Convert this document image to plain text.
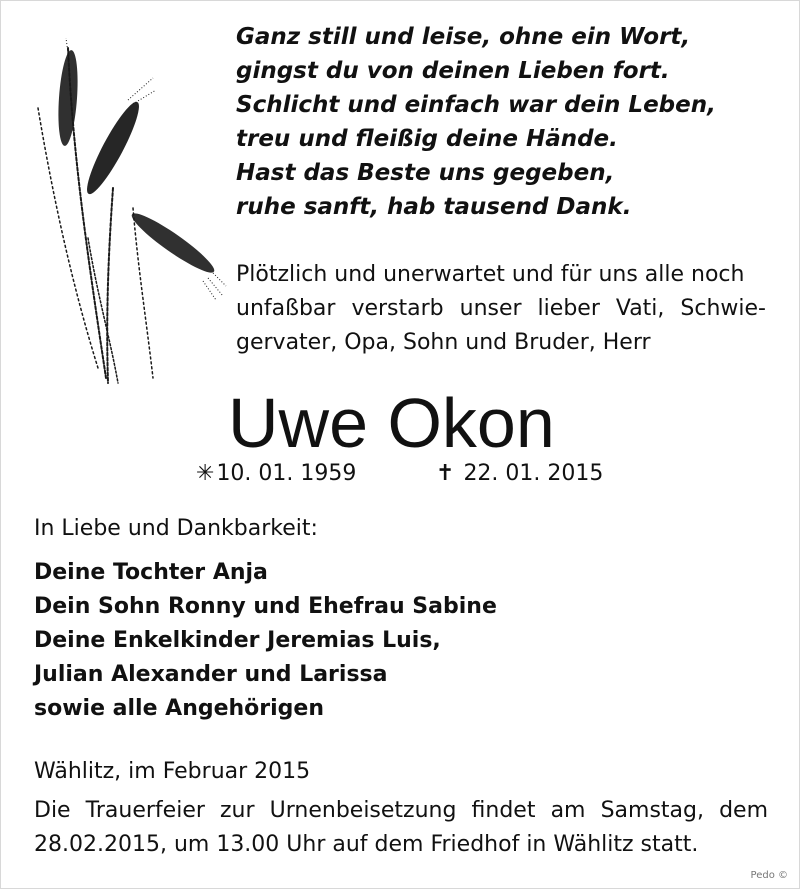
Ganz still und leise, ohne ein Wort,
gingst du von deinen Lieben fort.
Schlicht und einfach war dein Leben,
treu und fleißig deine Hände.
Hast das Beste uns gegeben,
ruhe sanft, hab tausend Dank.
Plötzlich und unerwartet und für uns alle noch
unfaßbar verstarb unser lieber Vati, Schwie-
gervater, Opa, Sohn und Bruder, Herr
Uwe Okon
✳10. 01. 1959	✝ 22. 01. 2015
In Liebe und Dankbarkeit:
Deine Tochter Anja
Dein Sohn Ronny und Ehefrau Sabine
Deine Enkelkinder Jeremias Luis,
Julian Alexander und Larissa
sowie alle Angehörigen
Wählitz, im Februar 2015
Die Trauerfeier zur Urnenbeisetzung findet am Samstag, dem
28.02.2015, um 13.00 Uhr auf dem Friedhof in Wählitz statt.
Pedo ©
